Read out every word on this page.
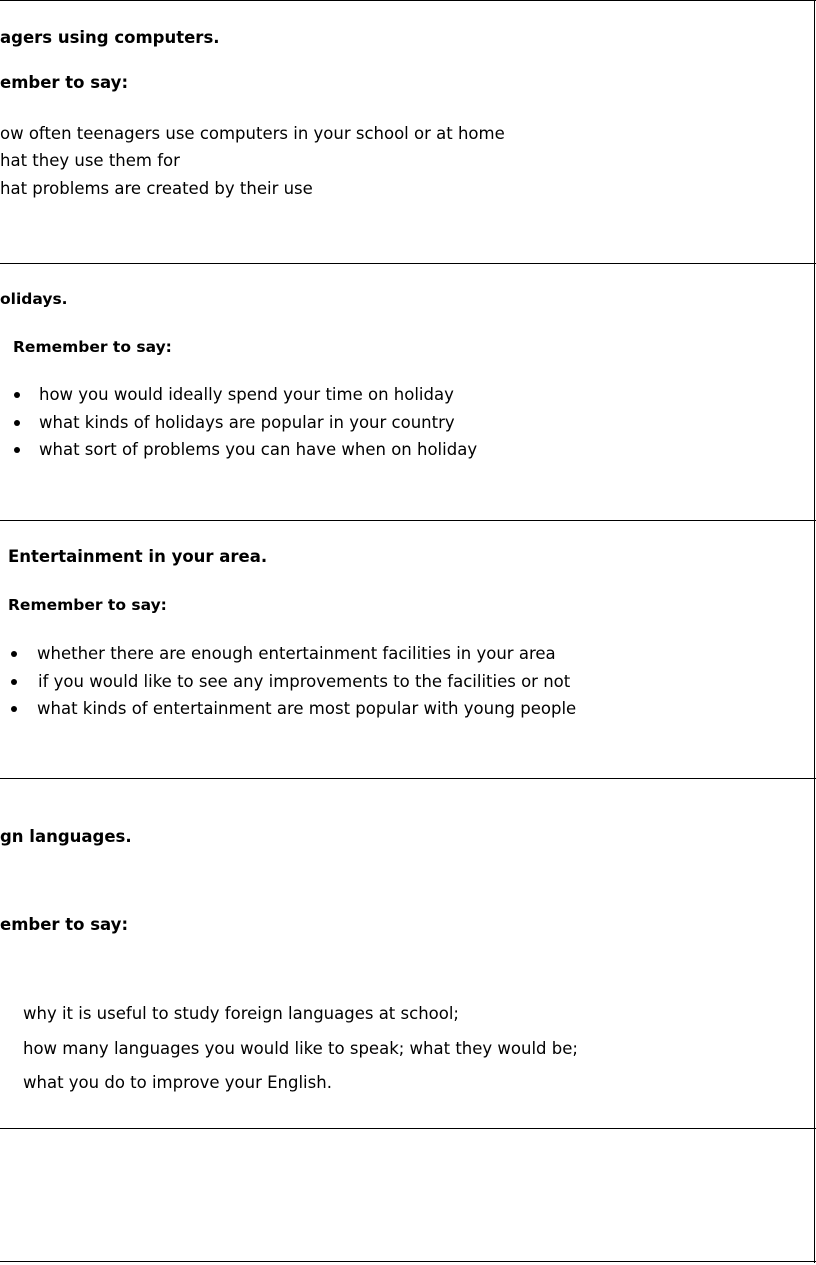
agers using computers.
ember to say:
ow often teenagers use computers in your school or at home
hat they use them for
hat problems are created by their use
olidays.
Remember to say:
how you would ideally spend your time on holiday
what kinds of holidays are popular in your country
what sort of problems you can have when on holiday
Entertainment in your area.
Remember to say:
whether there are enough entertainment facilities in your area
if you would like to see any improvements to the facilities or not
what kinds of entertainment are most popular with young people
gn languages.
ember to say:
why it is useful to study foreign languages at school;
how many languages you would like to speak; what they would be;
what you do to improve your English.
